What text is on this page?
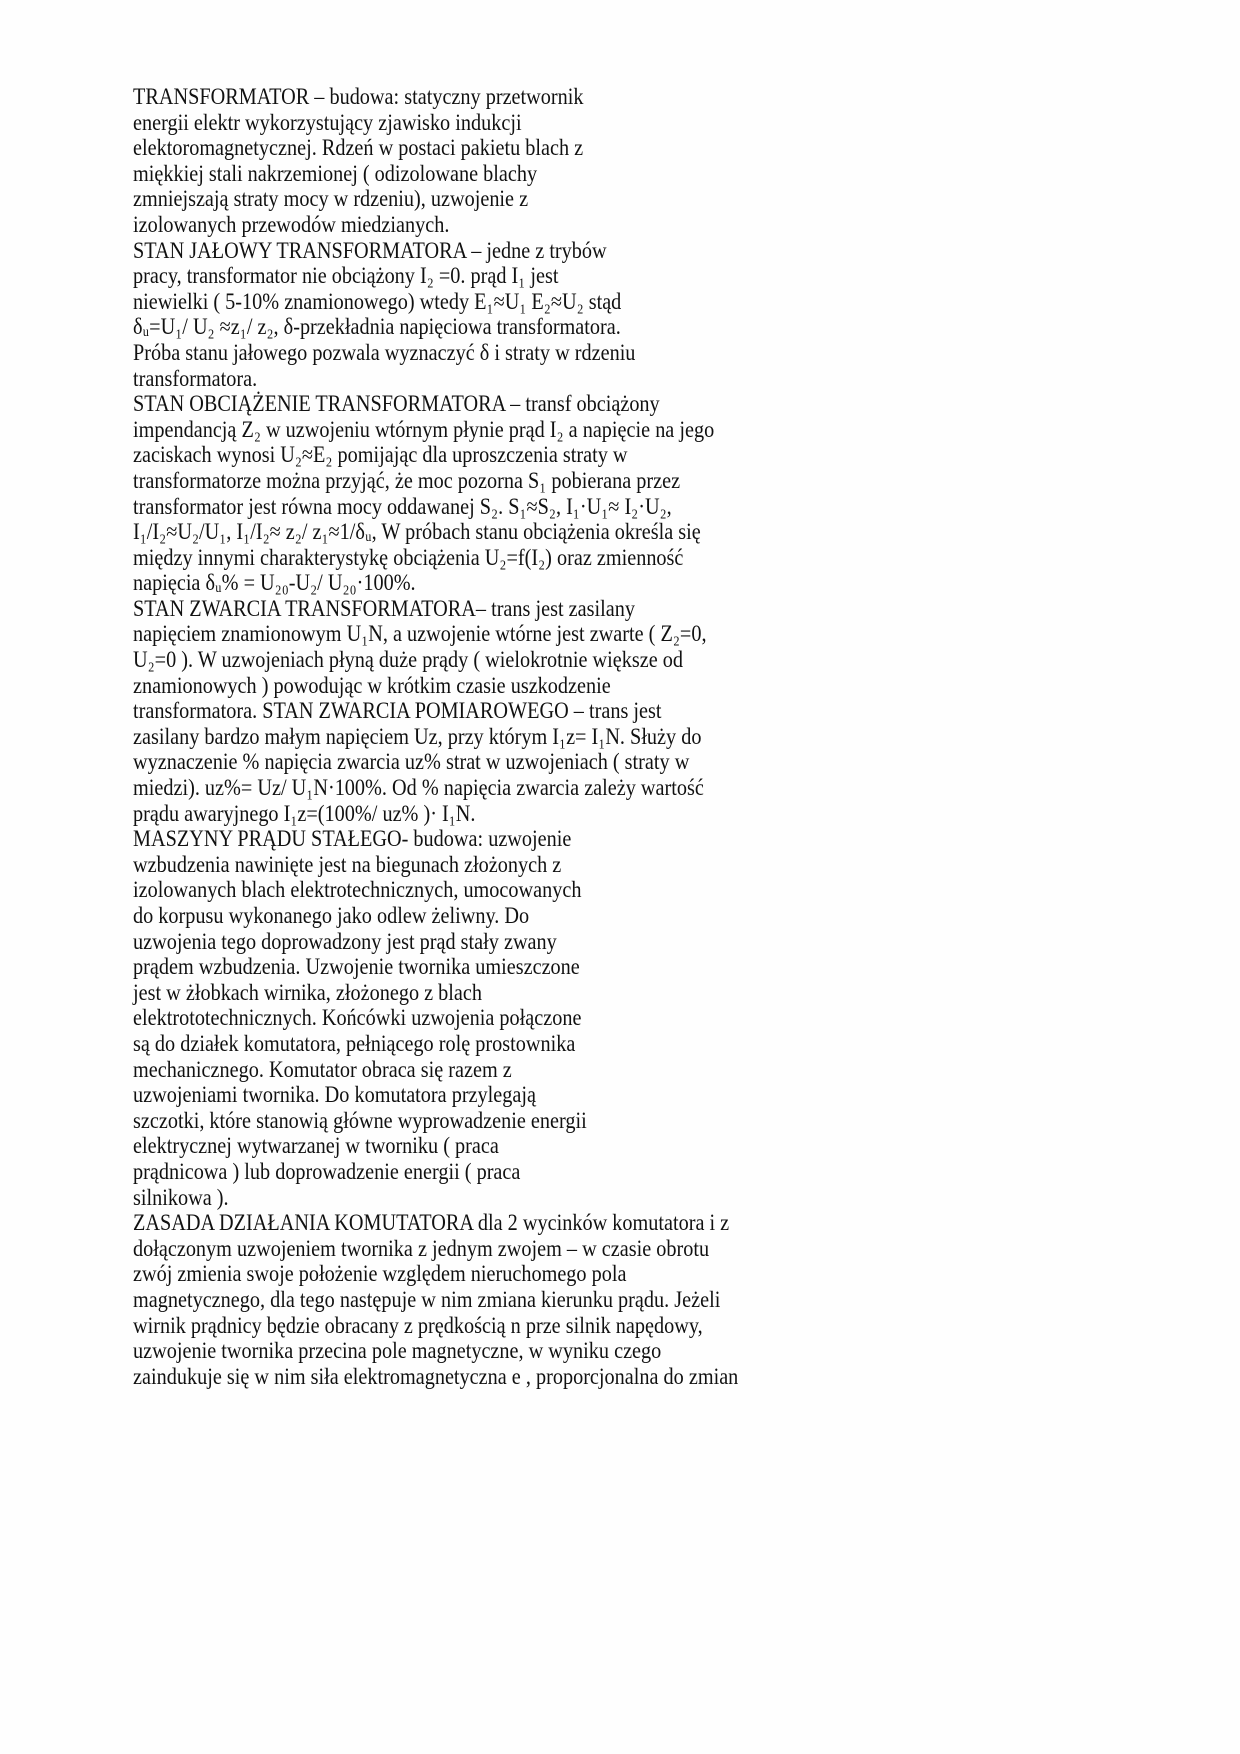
TRANSFORMATOR – budowa: statyczny przetwornik
energii elektr wykorzystujący zjawisko indukcji
elektoromagnetycznej. Rdzeń w postaci pakietu blach z
miękkiej stali nakrzemionej ( odizolowane blachy
zmniejszają straty mocy w rdzeniu), uzwojenie z
izolowanych przewodów miedzianych.
STAN JAŁOWY TRANSFORMATORA – jedne z trybów
pracy, transformator nie obciążony I₂ =0. prąd I₁ jest
niewielki ( 5-10% znamionowego) wtedy E₁≈U₁ E₂≈U₂ stąd
δᵤ=U₁/ U₂ ≈z₁/ z₂, δ-przekładnia napięciowa transformatora.
Próba stanu jałowego pozwala wyznaczyć δ i straty w rdzeniu
transformatora.
STAN OBCIĄŻENIE TRANSFORMATORA – transf obciążony
impendancją Z₂ w uzwojeniu wtórnym płynie prąd I₂ a napięcie na jego
zaciskach wynosi U₂≈E₂ pomijając dla uproszczenia straty w
transformatorze można przyjąć, że moc pozorna S₁ pobierana przez
transformator jest równa mocy oddawanej S₂. S₁≈S₂, I₁·U₁≈ I₂·U₂,
I₁/I₂≈U₂/U₁, I₁/I₂≈ z₂/ z₁≈1/δᵤ, W próbach stanu obciążenia określa się
między innymi charakterystykę obciążenia U₂=f(I₂) oraz zmienność
napięcia δᵤ% = U₂₀-U₂/ U₂₀·100%.
STAN ZWARCIA TRANSFORMATORA– trans jest zasilany
napięciem znamionowym U₁N, a uzwojenie wtórne jest zwarte ( Z₂=0,
U₂=0 ). W uzwojeniach płyną duże prądy ( wielokrotnie większe od
znamionowych ) powodując w krótkim czasie uszkodzenie
transformatora. STAN ZWARCIA POMIAROWEGO – trans jest
zasilany bardzo małym napięciem Uz, przy którym I₁z= I₁N. Służy do
wyznaczenie % napięcia zwarcia uz% strat w uzwojeniach ( straty w
miedzi). uz%= Uz/ U₁N·100%. Od % napięcia zwarcia zależy wartość
prądu awaryjnego I₁z=(100%/ uz% )· I₁N.
MASZYNY PRĄDU STAŁEGO- budowa: uzwojenie
wzbudzenia nawinięte jest na biegunach złożonych z
izolowanych blach elektrotechnicznych, umocowanych
do korpusu wykonanego jako odlew żeliwny. Do
uzwojenia tego doprowadzony jest prąd stały zwany
prądem wzbudzenia. Uzwojenie twornika umieszczone
jest w żłobkach wirnika, złożonego z blach
elektrototechnicznych. Końcówki uzwojenia połączone
są do działek komutatora, pełniącego rolę prostownika
mechanicznego. Komutator obraca się razem z
uzwojeniami twornika. Do komutatora przylegają
szczotki, które stanowią główne wyprowadzenie energii
elektrycznej wytwarzanej w tworniku ( praca
prądnicowa ) lub doprowadzenie energii ( praca
silnikowa ).
ZASADA DZIAŁANIA KOMUTATORA dla 2 wycinków komutatora i z
dołączonym uzwojeniem twornika z jednym zwojem – w czasie obrotu
zwój zmienia swoje położenie względem nieruchomego pola
magnetycznego, dla tego następuje w nim zmiana kierunku prądu. Jeżeli
wirnik prądnicy będzie obracany z prędkością n prze silnik napędowy,
uzwojenie twornika przecina pole magnetyczne, w wyniku czego
zaindukuje się w nim siła elektromagnetyczna e , proporcjonalna do zmian
